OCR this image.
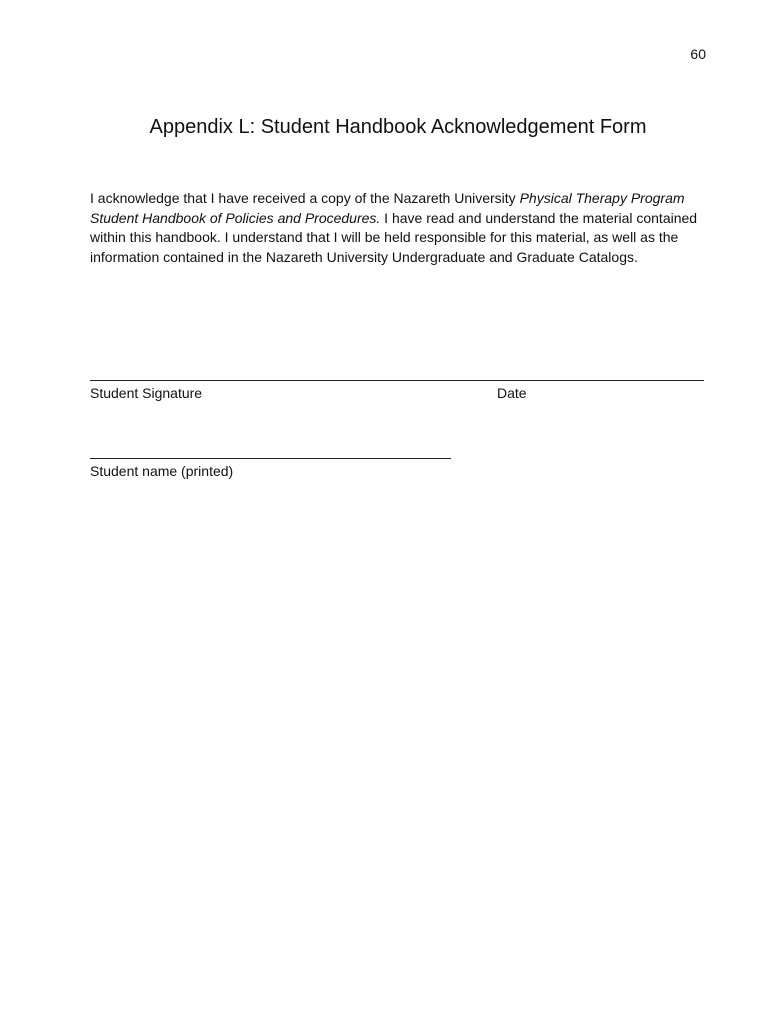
60
Appendix L: Student Handbook Acknowledgement Form

I acknowledge that I have received a copy of the Nazareth University Physical Therapy Program Student Handbook of Policies and Procedures. I have read and understand the material contained within this handbook. I understand that I will be held responsible for this material, as well as the information contained in the Nazareth University Undergraduate and Graduate Catalogs.

Student Signature	Date
Student name (printed)
